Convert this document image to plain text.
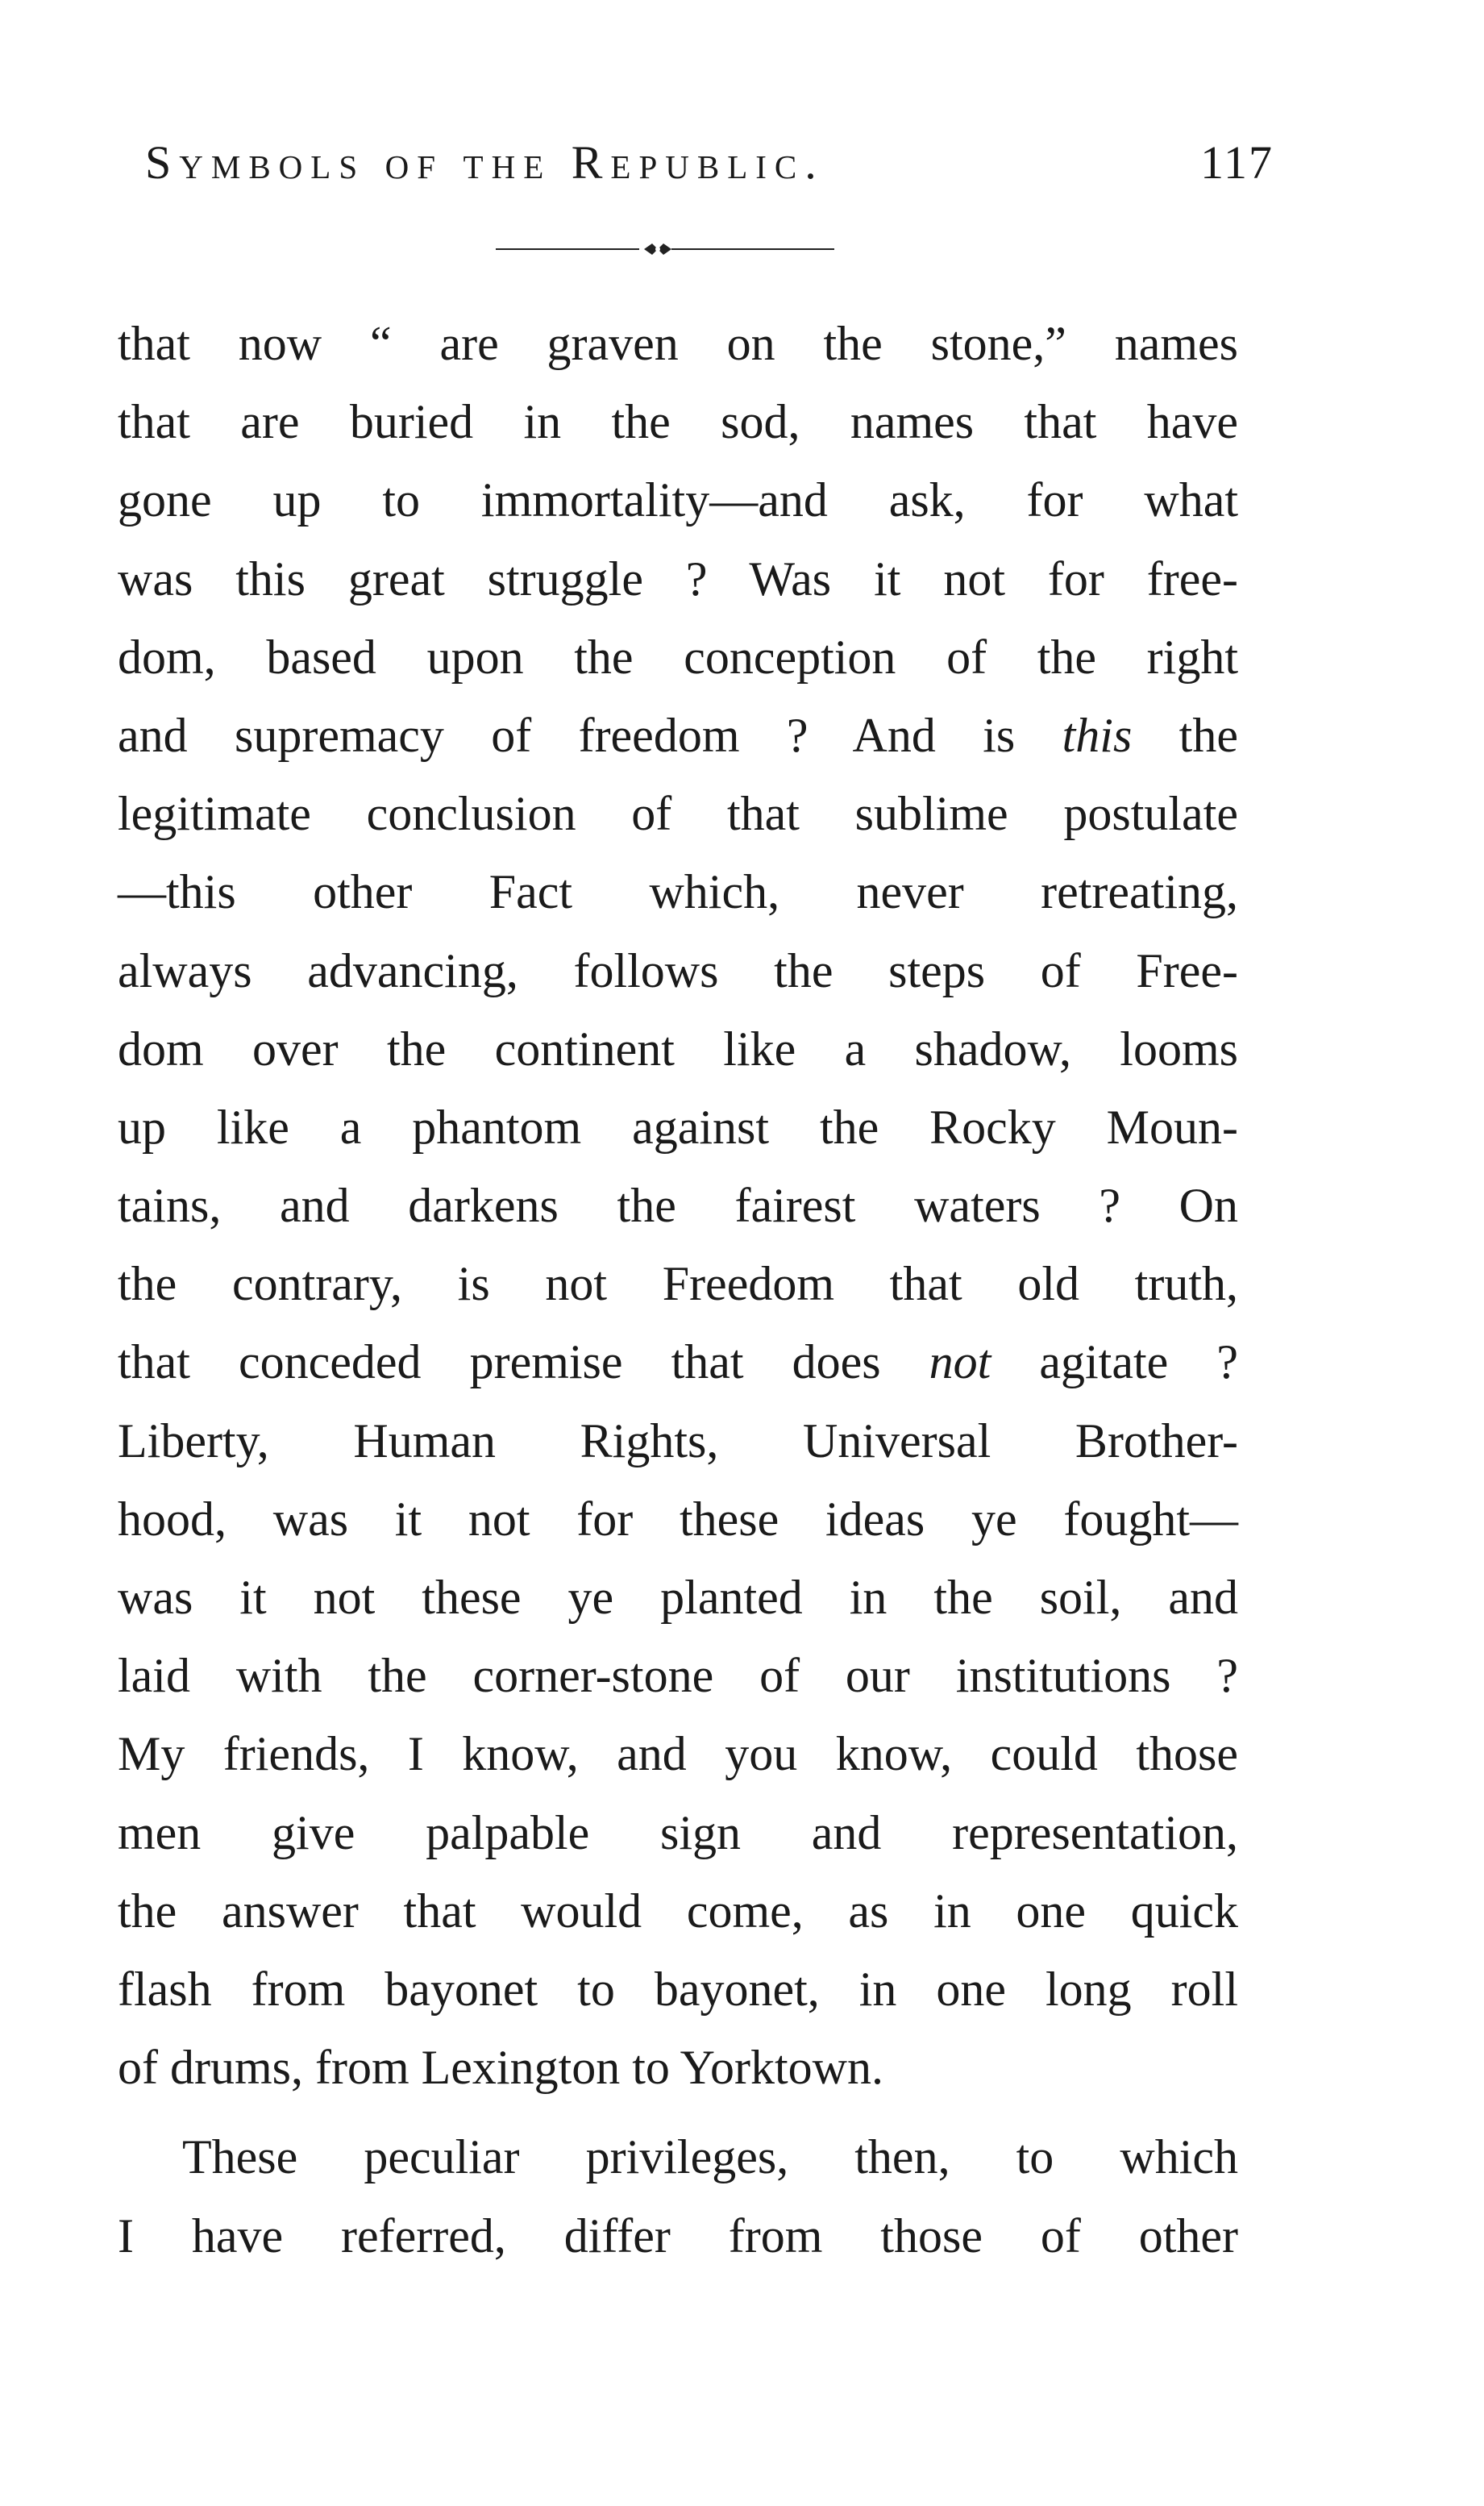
Symbols of the Republic.	117
that now “ are graven on the stone,” names
that are buried in the sod, names that have
gone up to immortality—and ask, for what
was this great struggle ? Was it not for free-
dom, based upon the conception of the right
and supremacy of freedom ? And is this the
legitimate conclusion of that sublime postulate
—this other Fact which, never retreating,
always advancing, follows the steps of Free-
dom over the continent like a shadow, looms
up like a phantom against the Rocky Moun-
tains, and darkens the fairest waters ? On
the contrary, is not Freedom that old truth,
that conceded premise that does not agitate ?
Liberty, Human Rights, Universal Brother-
hood, was it not for these ideas ye fought—
was it not these ye planted in the soil, and
laid with the corner-stone of our institutions ?
My friends, I know, and you know, could those
men give palpable sign and representation,
the answer that would come, as in one quick
flash from bayonet to bayonet, in one long roll
of drums, from Lexington to Yorktown.
These peculiar privileges, then, to which
I have referred, differ from those of other
